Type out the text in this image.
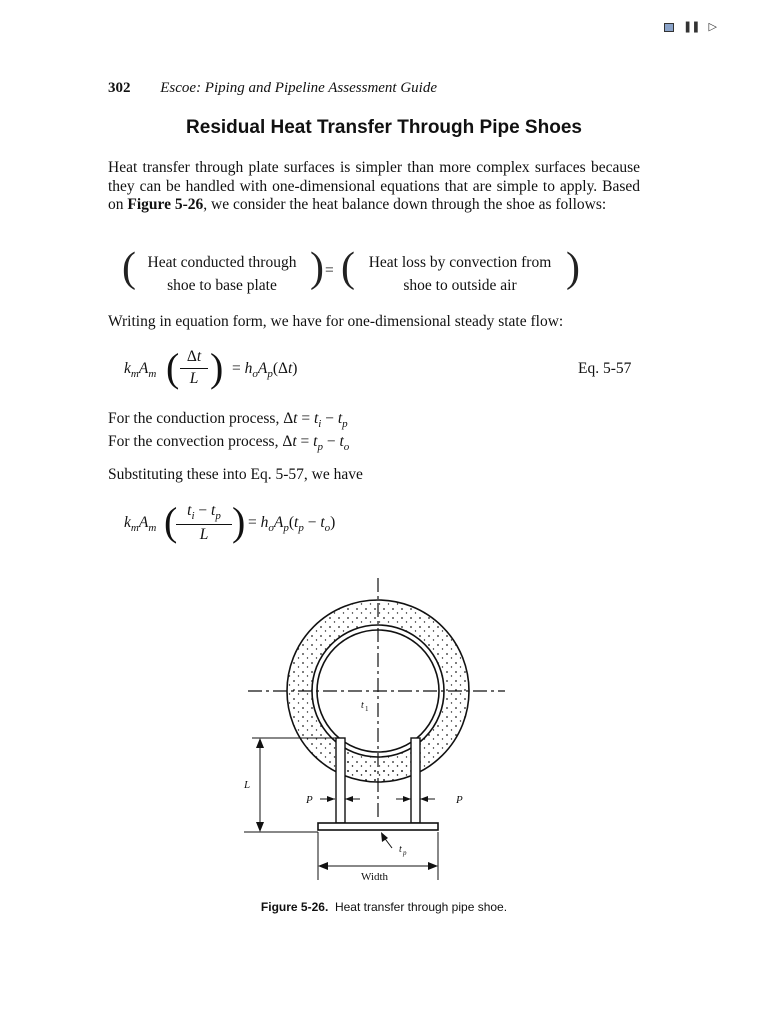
❚❚ ▷
302 Escoe: Piping and Pipeline Assessment Guide
Residual Heat Transfer Through Pipe Shoes
Heat transfer through plate surfaces is simpler than more complex surfaces because they can be handled with one-dimensional equations that are simple to apply. Based on Figure 5-26, we consider the heat balance down through the shoe as follows:
( Heat conducted through
shoe to base plate ) = ( Heat loss by convection from
shoe to outside air	)
Writing in equation form, we have for one-dimensional steady state flow:
$k_mA_m$ ( Δt
L ) = $h_oA_p(\Delta t)$	Eq. 5-57
For the conduction process, $\Delta t = t_i - t_p$
For the convection process, $\Delta t = t_p - t_o$
Substituting these into Eq. 5-57, we have
$k_mA_m$ ( $t_i - t_p$
L ) = $h_oA_p(t_p - t_o)$
L
P	P
t 1
t p
Width
Figure 5-26. Heat transfer through pipe shoe.
